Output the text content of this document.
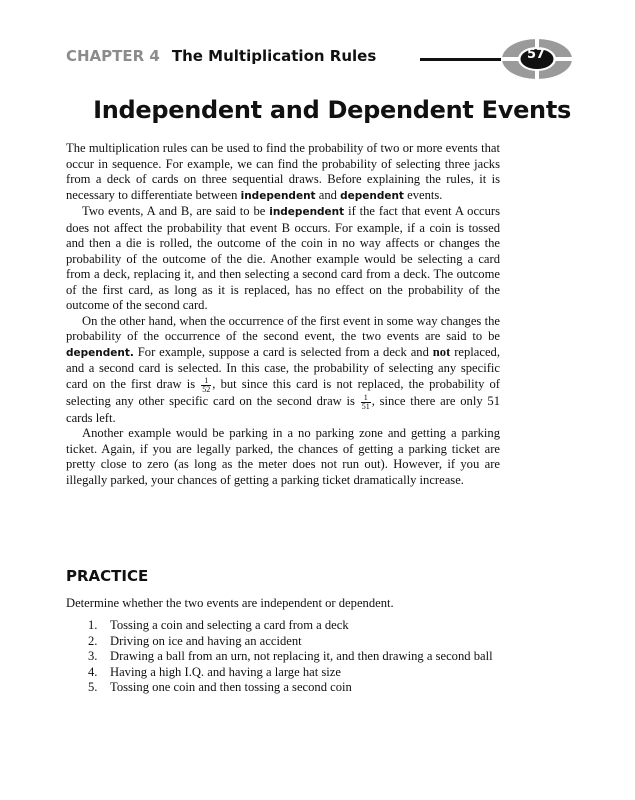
CHAPTER 4 The Multiplication Rules	57
Independent and Dependent Events

The multiplication rules can be used to find the probability of two or more events that occur in sequence. For example, we can find the probability of selecting three jacks from a deck of cards on three sequential draws. Before explaining the rules, it is necessary to differentiate between independent and dependent events.

Two events, A and B, are said to be independent if the fact that event A occurs does not affect the probability that event B occurs. For example, if a coin is tossed and then a die is rolled, the outcome of the coin in no way affects or changes the probability of the outcome of the die. Another example would be selecting a card from a deck, replacing it, and then selecting a second card from a deck. The outcome of the first card, as long as it is replaced, has no effect on the probability of the outcome of the second card.

On the other hand, when the occurrence of the first event in some way changes the probability of the occurrence of the second event, the two events are said to be dependent. For example, suppose a card is selected from a deck and not replaced, and a second card is selected. In this case, the probability of selecting any specific card on the first draw is $\frac{1}{52}$ , but since this card is not replaced, the probability of selecting any other specific card on the second draw is $\frac{1}{51}$ , since there are only 51 cards left.

Another example would be parking in a no parking zone and getting a parking ticket. Again, if you are legally parked, the chances of getting a parking ticket are pretty close to zero (as long as the meter does not run out). However, if you are illegally parked, your chances of getting a parking ticket dramatically increase.

PRACTICE
Determine whether the two events are independent or dependent.
1. Tossing a coin and selecting a card from a deck
2. Driving on ice and having an accident
3. Drawing a ball from an urn, not replacing it, and then drawing a second ball
4. Having a high I.Q. and having a large hat size
5. Tossing one coin and then tossing a second coin
